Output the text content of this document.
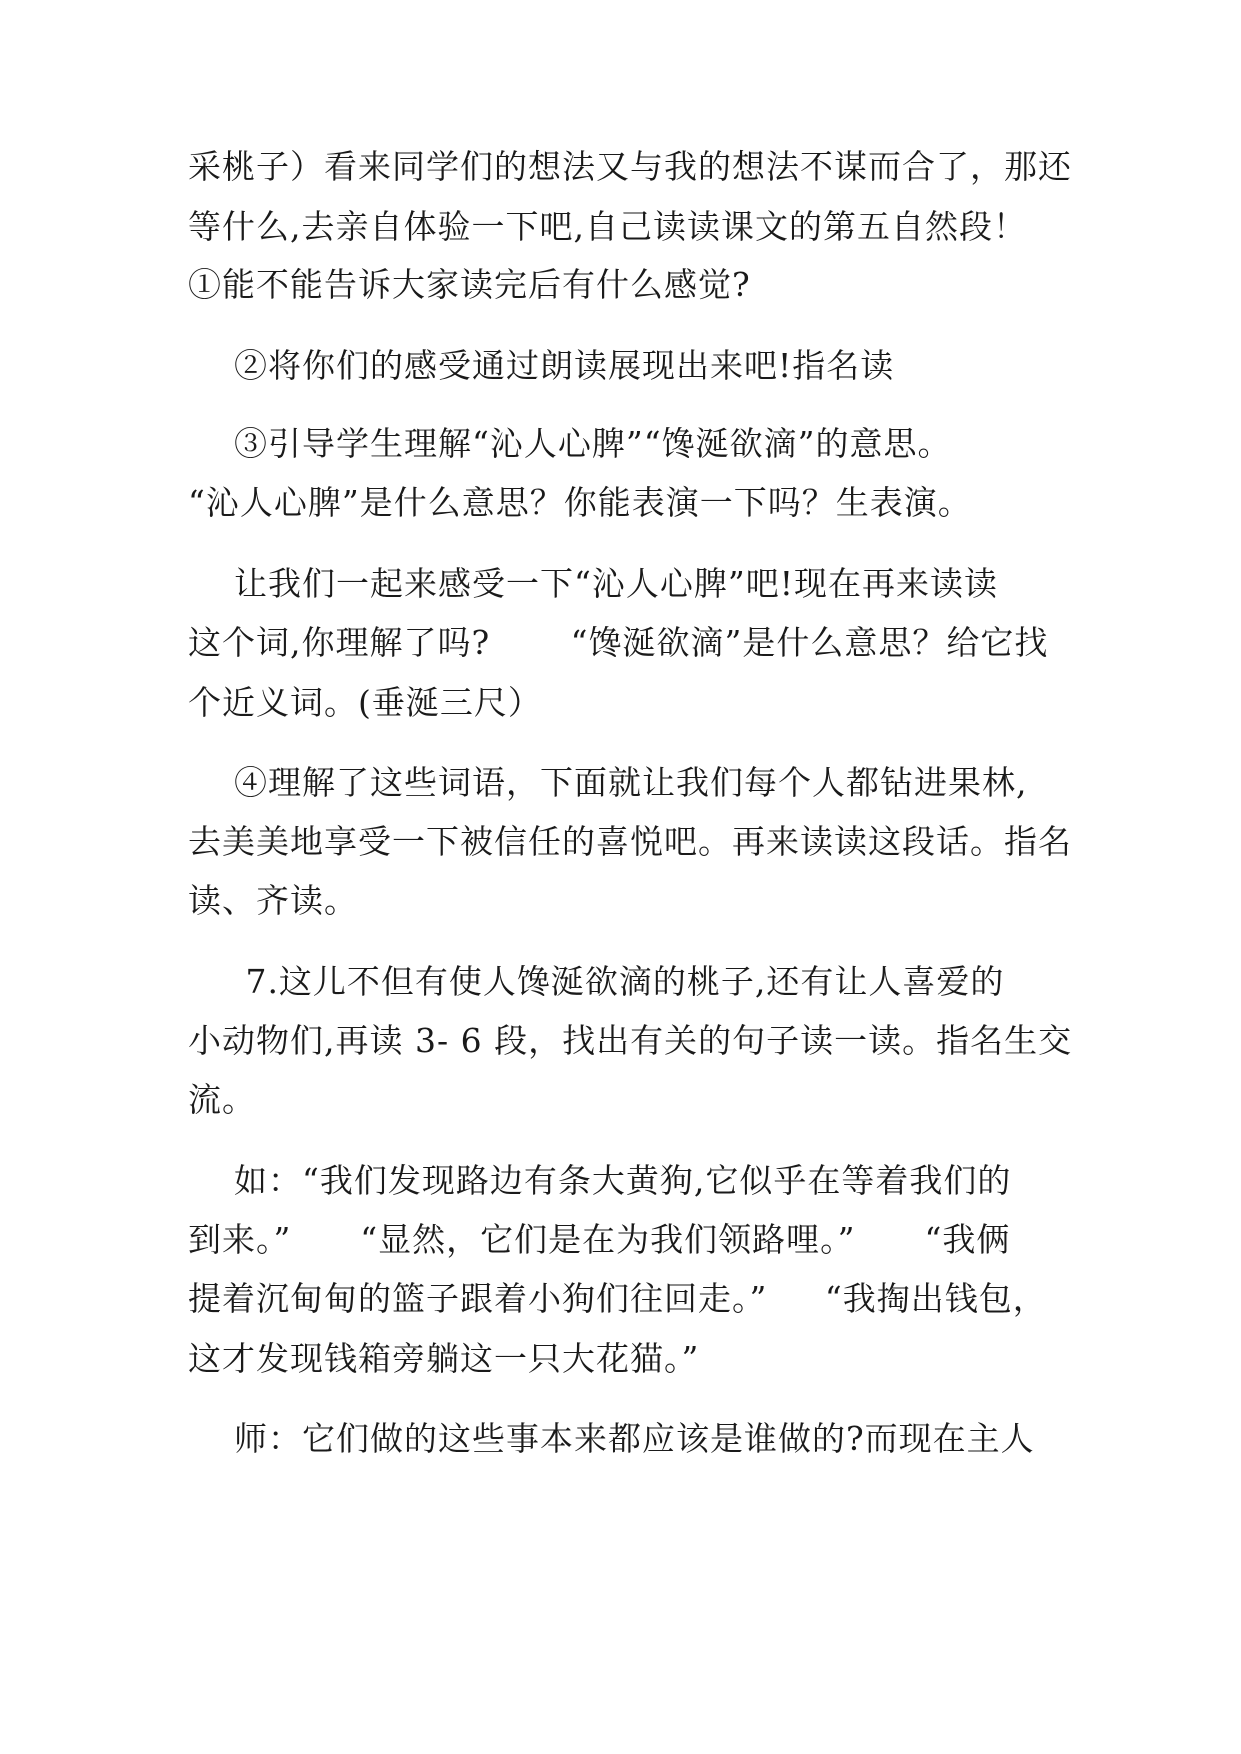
采桃子）看来同学们的想法又与我的想法不谋而合了，那还
等什么,去亲自体验一下吧,自己读读课文的第五自然段！
①能不能告诉大家读完后有什么感觉?
②将你们的感受通过朗读展现出来吧!指名读
③引导学生理解“沁人心脾”“馋涎欲滴”的意思。
“沁人心脾”是什么意思？你能表演一下吗？生表演。
让我们一起来感受一下“沁人心脾”吧!现在再来读读
这个词,你理解了吗?       “馋涎欲滴”是什么意思？给它找
个近义词。(垂涎三尺）
④理解了这些词语，下面就让我们每个人都钻进果林,
去美美地享受一下被信任的喜悦吧。再来读读这段话。指名
读、齐读。
7.这儿不但有使人馋涎欲滴的桃子,还有让人喜爱的
小动物们,再读 3- 6 段，找出有关的句子读一读。指名生交
流。
如：“我们发现路边有条大黄狗,它似乎在等着我们的
到来。”      “显然，它们是在为我们领路哩。”      “我俩
提着沉甸甸的篮子跟着小狗们往回走。”     “我掏出钱包，
这才发现钱箱旁躺这一只大花猫。”
师：它们做的这些事本来都应该是谁做的?而现在主人
